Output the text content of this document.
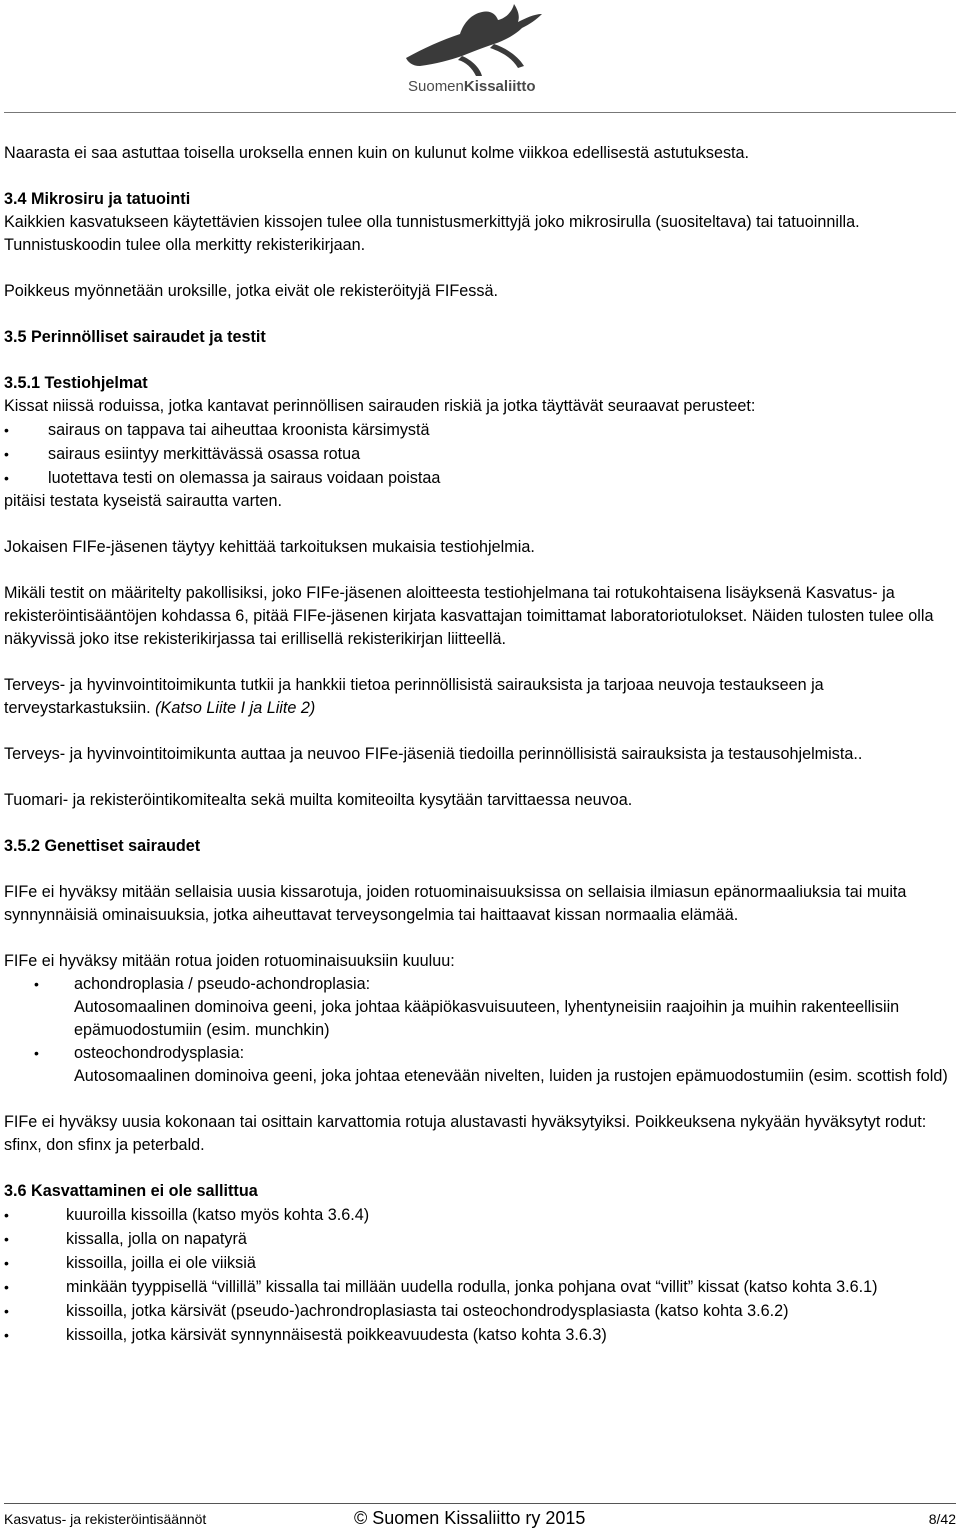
SuomenKissaliitto

Naarasta ei saa astuttaa toisella uroksella ennen kuin on kulunut kolme viikkoa edellisestä astutuksesta.

3.4 Mikrosiru ja tatuointi

Kaikkien kasvatukseen käytettävien kissojen tulee olla tunnistusmerkittyjä joko mikrosirulla (suositeltava) tai tatuoinnilla. Tunnistuskoodin tulee olla merkitty rekisterikirjaan.

Poikkeus myönnetään uroksille, jotka eivät ole rekisteröityjä FIFessä.

3.5 Perinnölliset sairaudet ja testit
3.5.1 Testiohjelmat

Kissat niissä roduissa, jotka kantavat perinnöllisen sairauden riskiä ja jotka täyttävät seuraavat perusteet:

• sairaus on tappava tai aiheuttaa kroonista kärsimystä
• sairaus esiintyy merkittävässä osassa rotua
• luotettava testi on olemassa ja sairaus voidaan poistaa

pitäisi testata kyseistä sairautta varten.

Jokaisen FIFe-jäsenen täytyy kehittää tarkoituksen mukaisia testiohjelmia.

Mikäli testit on määritelty pakollisiksi, joko FIFe-jäsenen aloitteesta testiohjelmana tai rotukohtaisena lisäyksenä Kasvatus- ja rekisteröintisääntöjen kohdassa 6, pitää FIFe-jäsenen kirjata kasvattajan toimittamat laboratoriotulokset. Näiden tulosten tulee olla näkyvissä joko itse rekisterikirjassa tai erillisellä rekisterikirjan liitteellä.

Terveys- ja hyvinvointitoimikunta tutkii ja hankkii tietoa perinnöllisistä sairauksista ja tarjoaa neuvoja testaukseen ja terveystarkastuksiin. (Katso Liite I ja Liite 2)

Terveys- ja hyvinvointitoimikunta auttaa ja neuvoo FIFe-jäseniä tiedoilla perinnöllisistä sairauksista ja testausohjelmista..

Tuomari- ja rekisteröintikomitealta sekä muilta komiteoilta kysytään tarvittaessa neuvoa.

3.5.2 Genettiset sairaudet

FIFe ei hyväksy mitään sellaisia uusia kissarotuja, joiden rotuominaisuuksissa on sellaisia ilmiasun epänormaaliuksia tai muita synnynnäisiä ominaisuuksia, jotka aiheuttavat terveysongelmia tai haittaavat kissan normaalia elämää.

FIFe ei hyväksy mitään rotua joiden rotuominaisuuksiin kuuluu:

• achondroplasia / pseudo-achondroplasia:
Autosomaalinen dominoiva geeni, joka johtaa kääpiökasvuisuuteen, lyhentyneisiin raajoihin ja muihin rakenteellisiin epämuodostumiin (esim. munchkin)
• osteochondrodysplasia:
Autosomaalinen dominoiva geeni, joka johtaa etenevään nivelten, luiden ja rustojen epämuodostumiin (esim. scottish fold)

FIFe ei hyväksy uusia kokonaan tai osittain karvattomia rotuja alustavasti hyväksytyiksi. Poikkeuksena nykyään hyväksytyt rodut: sfinx, don sfinx ja peterbald.

3.6 Kasvattaminen ei ole sallittua
• kuuroilla kissoilla (katso myös kohta 3.6.4)
• kissalla, jolla on napatyrä
• kissoilla, joilla ei ole viiksiä
• minkään tyyppisellä “villillä” kissalla tai millään uudella rodulla, jonka pohjana ovat “villit” kissat (katso kohta 3.6.1)
• kissoilla, jotka kärsivät (pseudo-)achrondroplasiasta tai osteochondrodysplasiasta (katso kohta 3.6.2)
• kissoilla, jotka kärsivät synnynnäisestä poikkeavuudesta (katso kohta 3.6.3)
Kasvatus- ja rekisteröintisäännöt	© Suomen Kissaliitto ry 2015	8/42
